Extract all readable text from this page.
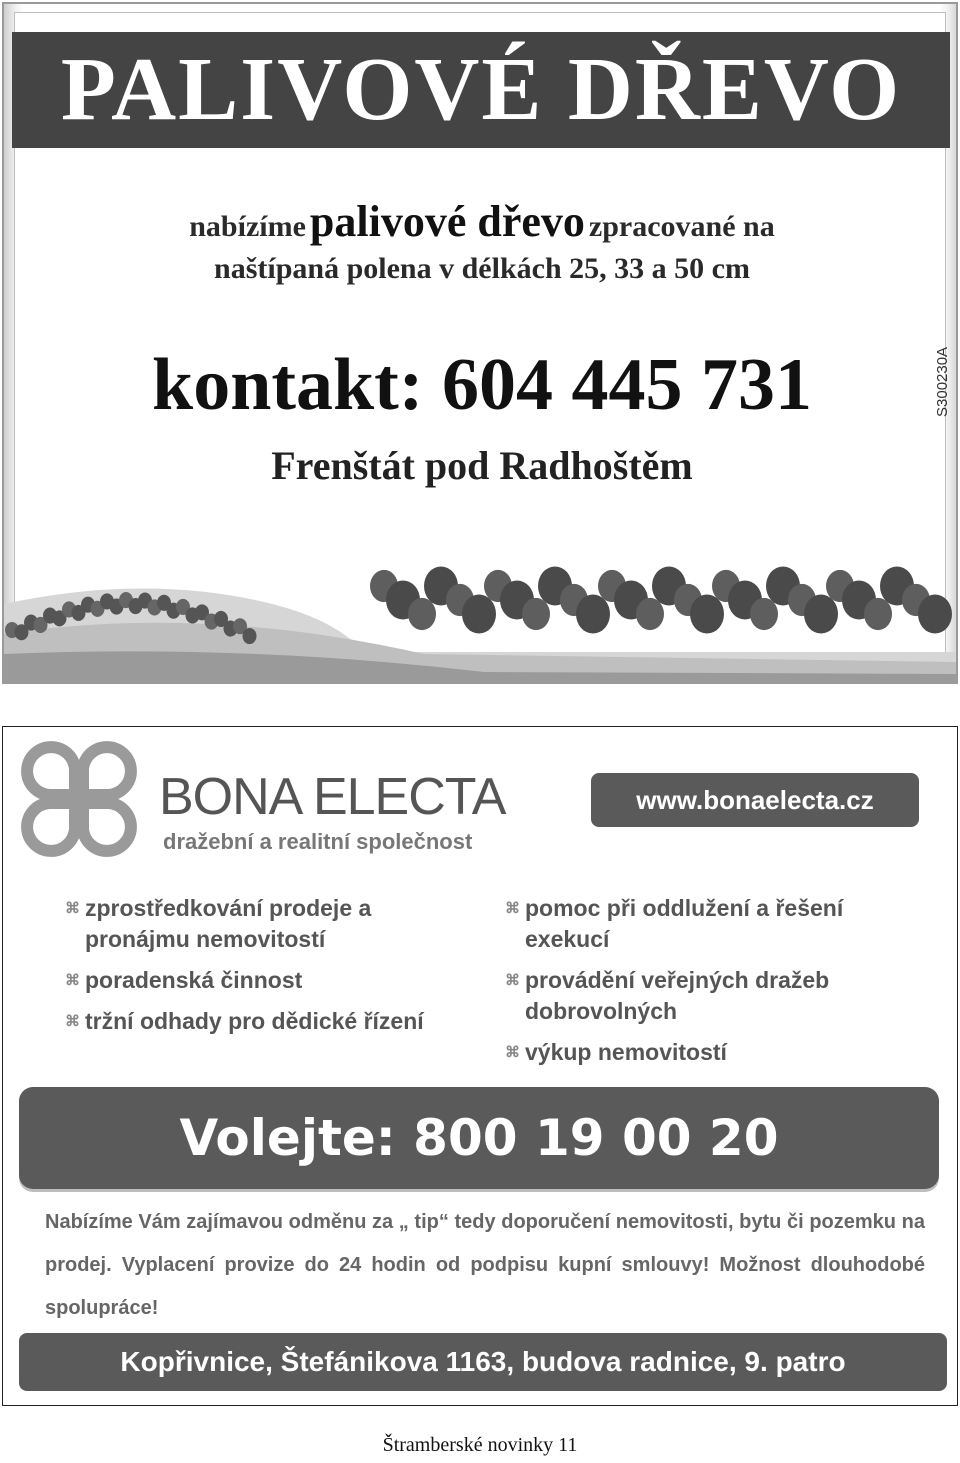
PALIVOVÉ DŘEVO
nabízíme palivové dřevo zpracované na
naštípaná polena v délkách 25, 33 a 50 cm
kontakt: 604 445 731
Frenštát pod Radhoštěm
S300230A
BONA ELECTA
dražební a realitní společnost
www.bonaelecta.cz
⌘ zprostředkování prodeje a pronájmu nemovitostí
⌘ poradenská činnost
⌘ tržní odhady pro dědické řízení
⌘ pomoc při oddlužení a řešení exekucí
⌘ provádění veřejných dražeb dobrovolných
⌘ výkup nemovitostí
Volejte: 800 19 00 20
Nabízíme Vám zajímavou odměnu za „ tip“ tedy doporučení nemovitosti, bytu či pozemku na prodej. Vyplacení provize do 24 hodin od podpisu kupní smlouvy! Možnost dlouhodobé spolupráce!
Kopřivnice, Štefánikova 1163, budova radnice, 9. patro
Štramberské novinky 11
